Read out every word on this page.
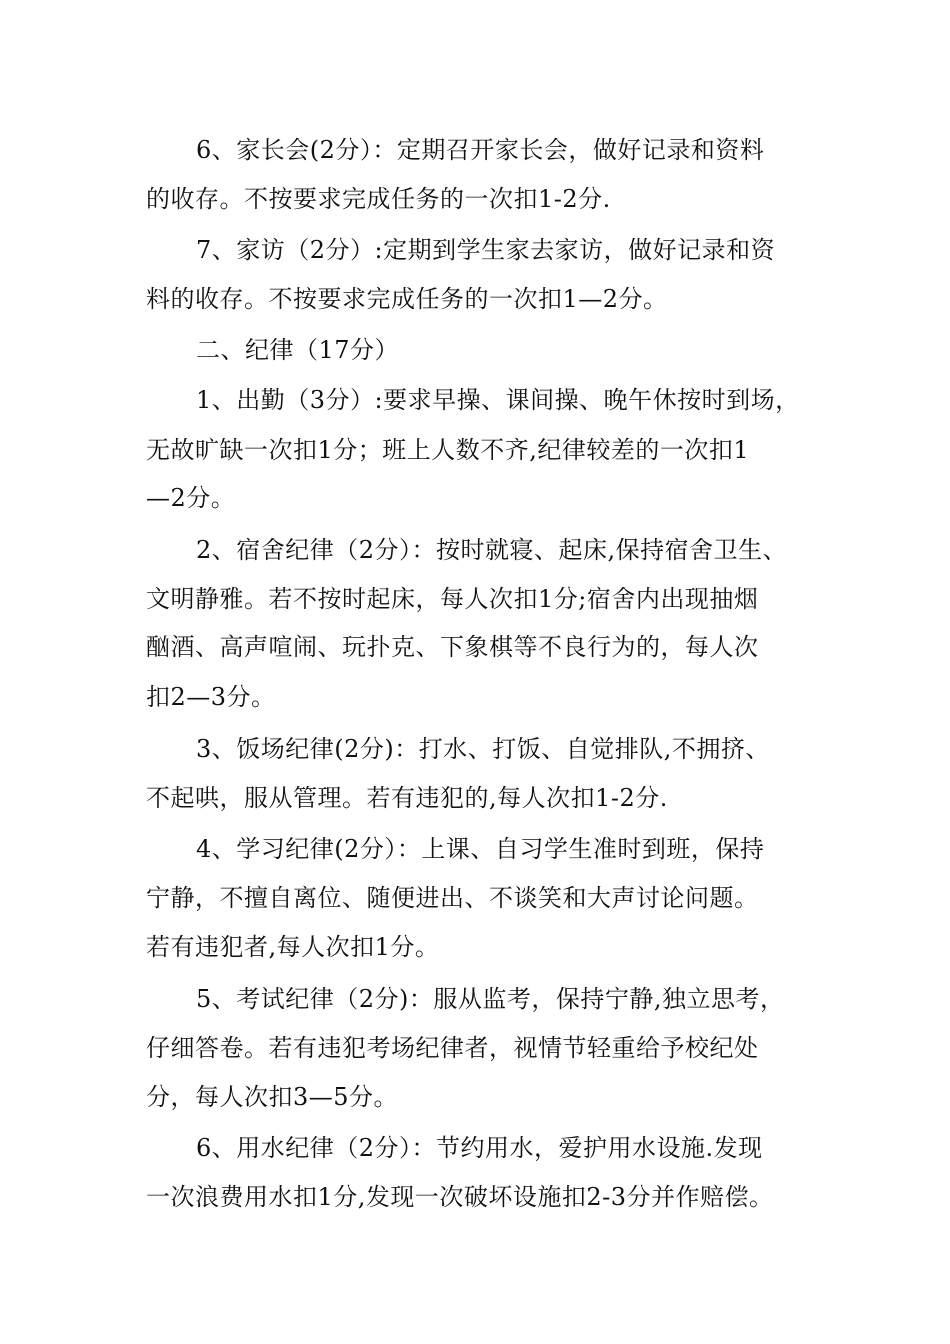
6、家长会(2分）：定期召开家长会，做好记录和资料
的收存。不按要求完成任务的一次扣1-2分.
7、家访（2分）:定期到学生家去家访，做好记录和资
料的收存。不按要求完成任务的一次扣1—2分。
二、纪律（17分）
1、出勤（3分）:要求早操、课间操、晚午休按时到场，
无故旷缺一次扣1分；班上人数不齐,纪律较差的一次扣1
—2分。
2、宿舍纪律（2分）：按时就寝、起床,保持宿舍卫生、
文明静雅。若不按时起床，每人次扣1分;宿舍内出现抽烟
酗酒、高声喧闹、玩扑克、下象棋等不良行为的，每人次
扣2—3分。
3、饭场纪律(2分)：打水、打饭、自觉排队,不拥挤、
不起哄，服从管理。若有违犯的,每人次扣1-2分.
4、学习纪律(2分）：上课、自习学生准时到班，保持
宁静，不擅自离位、随便进出、不谈笑和大声讨论问题。
若有违犯者,每人次扣1分。
5、考试纪律（2分)：服从监考，保持宁静,独立思考，
仔细答卷。若有违犯考场纪律者，视情节轻重给予校纪处
分，每人次扣3—5分。
6、用水纪律（2分）：节约用水，爱护用水设施.发现
一次浪费用水扣1分,发现一次破坏设施扣2-3分并作赔偿。
